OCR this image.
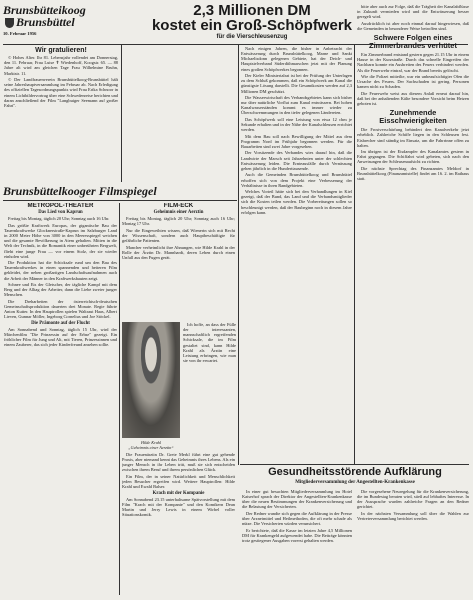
Brunsbütteikoog
Brunsbüttel
10. Februar 1956
2,3 Millionen DM
kostet ein Groß-Schöpfwerk
für die Vierschleusenzug
Wir gratulieren!

© Hohes Alter. Ihr 81. Lebensjahr vollendet am Donnerstag, den 11. Februar, Frau Luise ✝ Wiedenhoff, Koogstr. 65. — 88 Jahre alt wird am gleichen Tage Frau Wilhelmine Bruhn, Marktstr. 11.

© Der Landfrauenverein Brunsbüttelkoog-Brunsbüttel hält seine Jahreshauptversammlung im Februar ab. Nach Erledigung des offiziellen Tagesordnungspunkts wird Frau Erika Schnoor in einem Lichtbildervortrag über eine Schwedenreise berichten und daran anschließend der Film "Langbuiger Seemann auf großer Fahrt".

Brunsbüttelkooger Filmspiegel
METROPOL-THEATER
Das Lied von Kaprun

Freitag bis Montag, täglich 20 Uhr; Sonntag auch 16 Uhr.

Das größte Kraftwerk Europas, der gigantische Bau der Tauernkraftwerke Glocknerstraße-Kaprun im Salzburger Land in 2000 Meter Höhe von 3000 in den Meeresspiegel weichen und die gesamte Bevölkerung in Atem gehalten. Mitten in die Welt der Technik, in die Romantik einer unberührten Bergwelt, flieht eine junge Frau — vor einem Stolz, der sie wieder einholen wird.

Die Produktion hat die Schicksale rund um den Bau des Tauernkraftwerkes in einen spannenden und heiteren Film gekleidet, der neben großartigen Landschaftsaufnahmen auch die Arbeit der Männer in den Kraftwerksbauten zeigt.

Schnee und Eis der Gletscher, der tägliche Kampf mit dem Berg und der Alltag der Arbeiter, dann die Liebe zweier junger Menschen.

Die Dreharbeiten der österreichisch-deutschen Gemeinschaftsproduktion dauerten drei Monate. Regie führte Anton Kutter. In den Hauptrollen spielen Waltraut Haas, Albert Lieven, Gunnar Möller, Ingeborg Cornelius und Joe Stöckel.

Die Prämonte auf der Flucht

Am Sonnabend und Sonntag, täglich 15 Uhr, wird der Märchenfilm "Die Prinzessin auf der Erbse" gezeigt. Ein fröhlicher Film für Jung und Alt, mit Tieren, Prinzessinnen und einem Zauberer, das sich jeder Kinderfreund ansehen sollte.

FILM-ECK
Geheimnis einer Aerztin

Freitag bis Montag, täglich 20 Uhr; Sonntag auch 16 Uhr; Montag 17 Uhr.

Nur die Eingeweihten wissen, daß Wienerin sich mit Recht der Wissenschaft, sondern auch Hauptbeschäftigte für gefährliche Patienten.

Mancher verheimlicht ihre Ahnungen, wie Hilde Krahl in der Rolle der Ärztin Dr. Mannhardt, deren Leben durch einen Unfall aus den Fugen gerät.

Hilde Krahl
„Geheimnis einer Aerztin“

Ich hoffe, an dass der Fülle der interessanten, mannschaftlich ergreifenden Schicksale, die im Film gestaltet sind, kann Hilde Krahl als Ärztin eine Leistung erbringen, wie man sie von ihr erwartet.

Die Frauenärztin Dr. Grete Merkl führt eine gut gehende Praxis, aber niemand kennt das Geheimnis ihres Lebens. Als ein junger Mensch in ihr Leben tritt, muß sie sich entscheiden zwischen ihrem Beruf und ihrem persönlichen Glück.

Ein Film, der in seiner Natürlichkeit und Menschlichkeit jeden Besucher ergreifen wird. Weitere Hauptrollen: Hilde Krahl und Ewald Balser.

Krach mit der Kompanie

Am Sonnabend 23.15 unterhaltsame Spätvorstellung mit dem Film "Krach mit der Kompanie" und den Komikern Dean Martin und Jerry Lewis in einem Wirbel voller Situationskomik.

Nach einigen Jahren, die bisher in Anbetracht der Entwässerung durch Brunsbüttelkoog, Marne und Sankt Michaelisdonn gelegenen Gebiete, hat der Deich- und Hauptsielverband Süderdithmarschen jetzt mit der Planung eines großen Schöpfwerkes begonnen.

Der Kieler Ministerialrat ist bei der Prüfung der Unterlagen zu dem Schluß gekommen, daß ein Schöpfwerk am Kanal die günstigste Lösung darstellt. Die Gesamtkosten werden auf 2,3 Millionen DM geschätzt.

Die Wasserwirtschaft des Verbandsgebietes kann sich bisher nur über natürliche Vorflut zum Kanal entwässern. Bei hohen Kanalwasserständen kommt es immer wieder zu Überschwemmungen in den tiefer gelegenen Ländereien.

Das Schöpfwerk soll eine Leistung von etwa 12 cbm je Sekunde erhalten und in der Nähe der Kanalschleusen errichtet werden.

Mit dem Bau soll nach Bewilligung der Mittel aus dem Programm Nord im Frühjahr begonnen werden. Für die Bauarbeiten sind zwei Jahre vorgesehen.

Der Vorsitzende des Verbandes wies darauf hin, daß die Landwirte der Marsch seit Jahrzehnten unter der schlechten Entwässerung leiden. Die Ernteausfälle durch Vernässung gehen jährlich in die Hunderttausende.

Auch die Gemeinden Brunsbüttelkoog und Brunsbüttel erhoffen sich von dem Projekt eine Verbesserung der Verhältnisse in ihren Randgebieten.

Welches Vorteil hätte sich bei den Verhandlungen in Kiel gezeigt, daß der Bund, das Land und die Verbandsmitglieder sich die Kosten teilen werden. Die Vorbereitungen sollen so beschleunigt werden, daß der Baubeginn noch in diesem Jahre erfolgen kann.

bitte aber auch zur Folge, daß die Trägheit der Kanalabflüsse in Zukunft vermieden wird und die Entwässerung besser geregelt wird.

Ausdrücklich ist aber noch einmal darauf hingewiesen, daß die Gemeinden in besonderer Weise betroffen sind.

Schwere Folgen eines Zimmerbrandes verhütet

Ein Zimmerbrand entstand gestern gegen 21.15 Uhr in einem Hause in der Kurzstraße. Durch das schnelle Eingreifen der Nachbarn konnte ein Ausbreiten des Feuers verhindert werden. Als die Feuerwehr eintraf, war der Brand bereits gelöscht.

Wie die Polizei mitteilte, war ein unbeaufsichtigter Ofen die Ursache des Feuers. Der Sachschaden ist gering. Personen kamen nicht zu Schaden.

Die Feuerwehr weist aus diesem Anlaß erneut darauf hin, daß bei der anhaltenden Kälte besondere Vorsicht beim Heizen geboten ist.

Zunehmende Eisschwierigkeiten

Die Frostverschärfung behindert den Kanalverkehr jetzt erheblich. Zahlreiche Schiffe liegen in den Schleusen fest. Eisbrecher sind ständig im Einsatz, um die Fahrrinne offen zu halten.

Im übrigen ist der Eisdampfer des Kanalamtes gestern in Fahrt gegangen. Die Schiffahrt wird gebeten, sich nach den Anweisungen der Schleusenaufsicht zu richten.

Die nächste Sprechtag des Finanzamtes Meldorf in Brunsbüttelkoog (Finanzamtstelle) findet am 16. 2. im Rathaus statt.

Gesundheitsstörende Aufklärung
Mitgliederversammlung der Angestellten-Krankenkasse

In einer gut besuchten Mitgliederversammlung im Hotel Kaiserhof sprach der Direktor der Angestellten-Krankenkasse über die neuen Bestimmungen der Krankenversicherung und die Belastung der Versicherten.

Der Redner wandte sich gegen die Aufklärung in der Presse über Arzneimittel und Heilmethoden, die oft mehr schade als nütze. Die Versicherten würden verunsichert.

Er berichtete, daß die Kasse im letzten Jahre 4,5 Millionen DM für Krankengeld aufgewendet habe. Die Beiträge könnten trotz gestiegener Ausgaben vorerst gehalten werden.

Die vorgesehene Neuregelung für die Krankenversicherung, die im Bundestag beraten wird, stieß auf lebhaftes Interesse. In der Aussprache wurden zahlreiche Fragen an den Redner gerichtet.

In der nächsten Versammlung soll über die Wahlen zur Vertreterversammlung berichtet werden.
